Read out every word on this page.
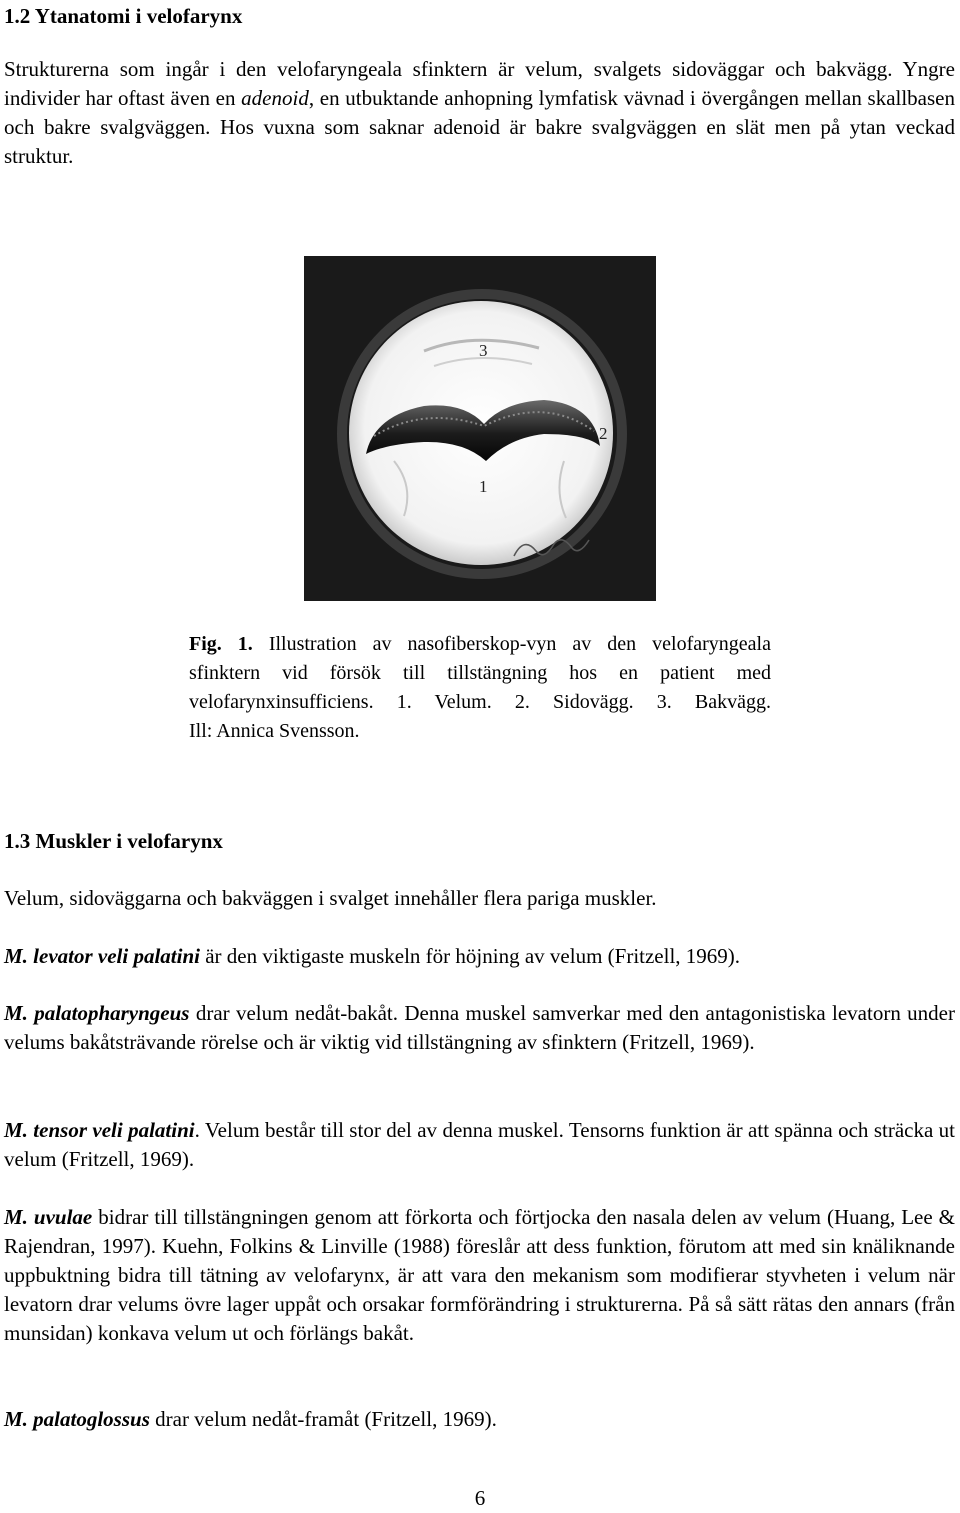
1.2 Ytanatomi i velofarynx
Strukturerna som ingår i den velofaryngeala sfinktern är velum, svalgets sidoväggar och bakvägg. Yngre individer har oftast även en adenoid, en utbuktande anhopning lymfatisk vävnad i övergången mellan skallbasen och bakre svalgväggen. Hos vuxna som saknar adenoid är bakre svalgväggen en slät men på ytan veckad struktur.
3
2
1
Fig. 1. Illustration av nasofiberskop-vyn av den velofaryngeala
sfinktern vid försök till tillstängning hos en patient med
velofarynxinsufficiens. 1. Velum. 2. Sidovägg. 3. Bakvägg.
Ill: Annica Svensson.
1.3 Muskler i velofarynx
Velum, sidoväggarna och bakväggen i svalget innehåller flera pariga muskler.
M. levator veli palatini är den viktigaste muskeln för höjning av velum (Fritzell, 1969).
M. palatopharyngeus drar velum nedåt-bakåt. Denna muskel samverkar med den antagonistiska levatorn under velums bakåtsträvande rörelse och är viktig vid tillstängning av sfinktern (Fritzell, 1969).
M. tensor veli palatini. Velum består till stor del av denna muskel. Tensorns funktion är att spänna och sträcka ut velum (Fritzell, 1969).
M. uvulae bidrar till tillstängningen genom att förkorta och förtjocka den nasala delen av velum (Huang, Lee & Rajendran, 1997). Kuehn, Folkins & Linville (1988) föreslår att dess funktion, förutom att med sin knäliknande uppbuktning bidra till tätning av velofarynx, är att vara den mekanism som modifierar styvheten i velum när levatorn drar velums övre lager uppåt och orsakar formförändring i strukturerna. På så sätt rätas den annars (från munsidan) konkava velum ut och förlängs bakåt.
M. palatoglossus drar velum nedåt-framåt (Fritzell, 1969).
6
